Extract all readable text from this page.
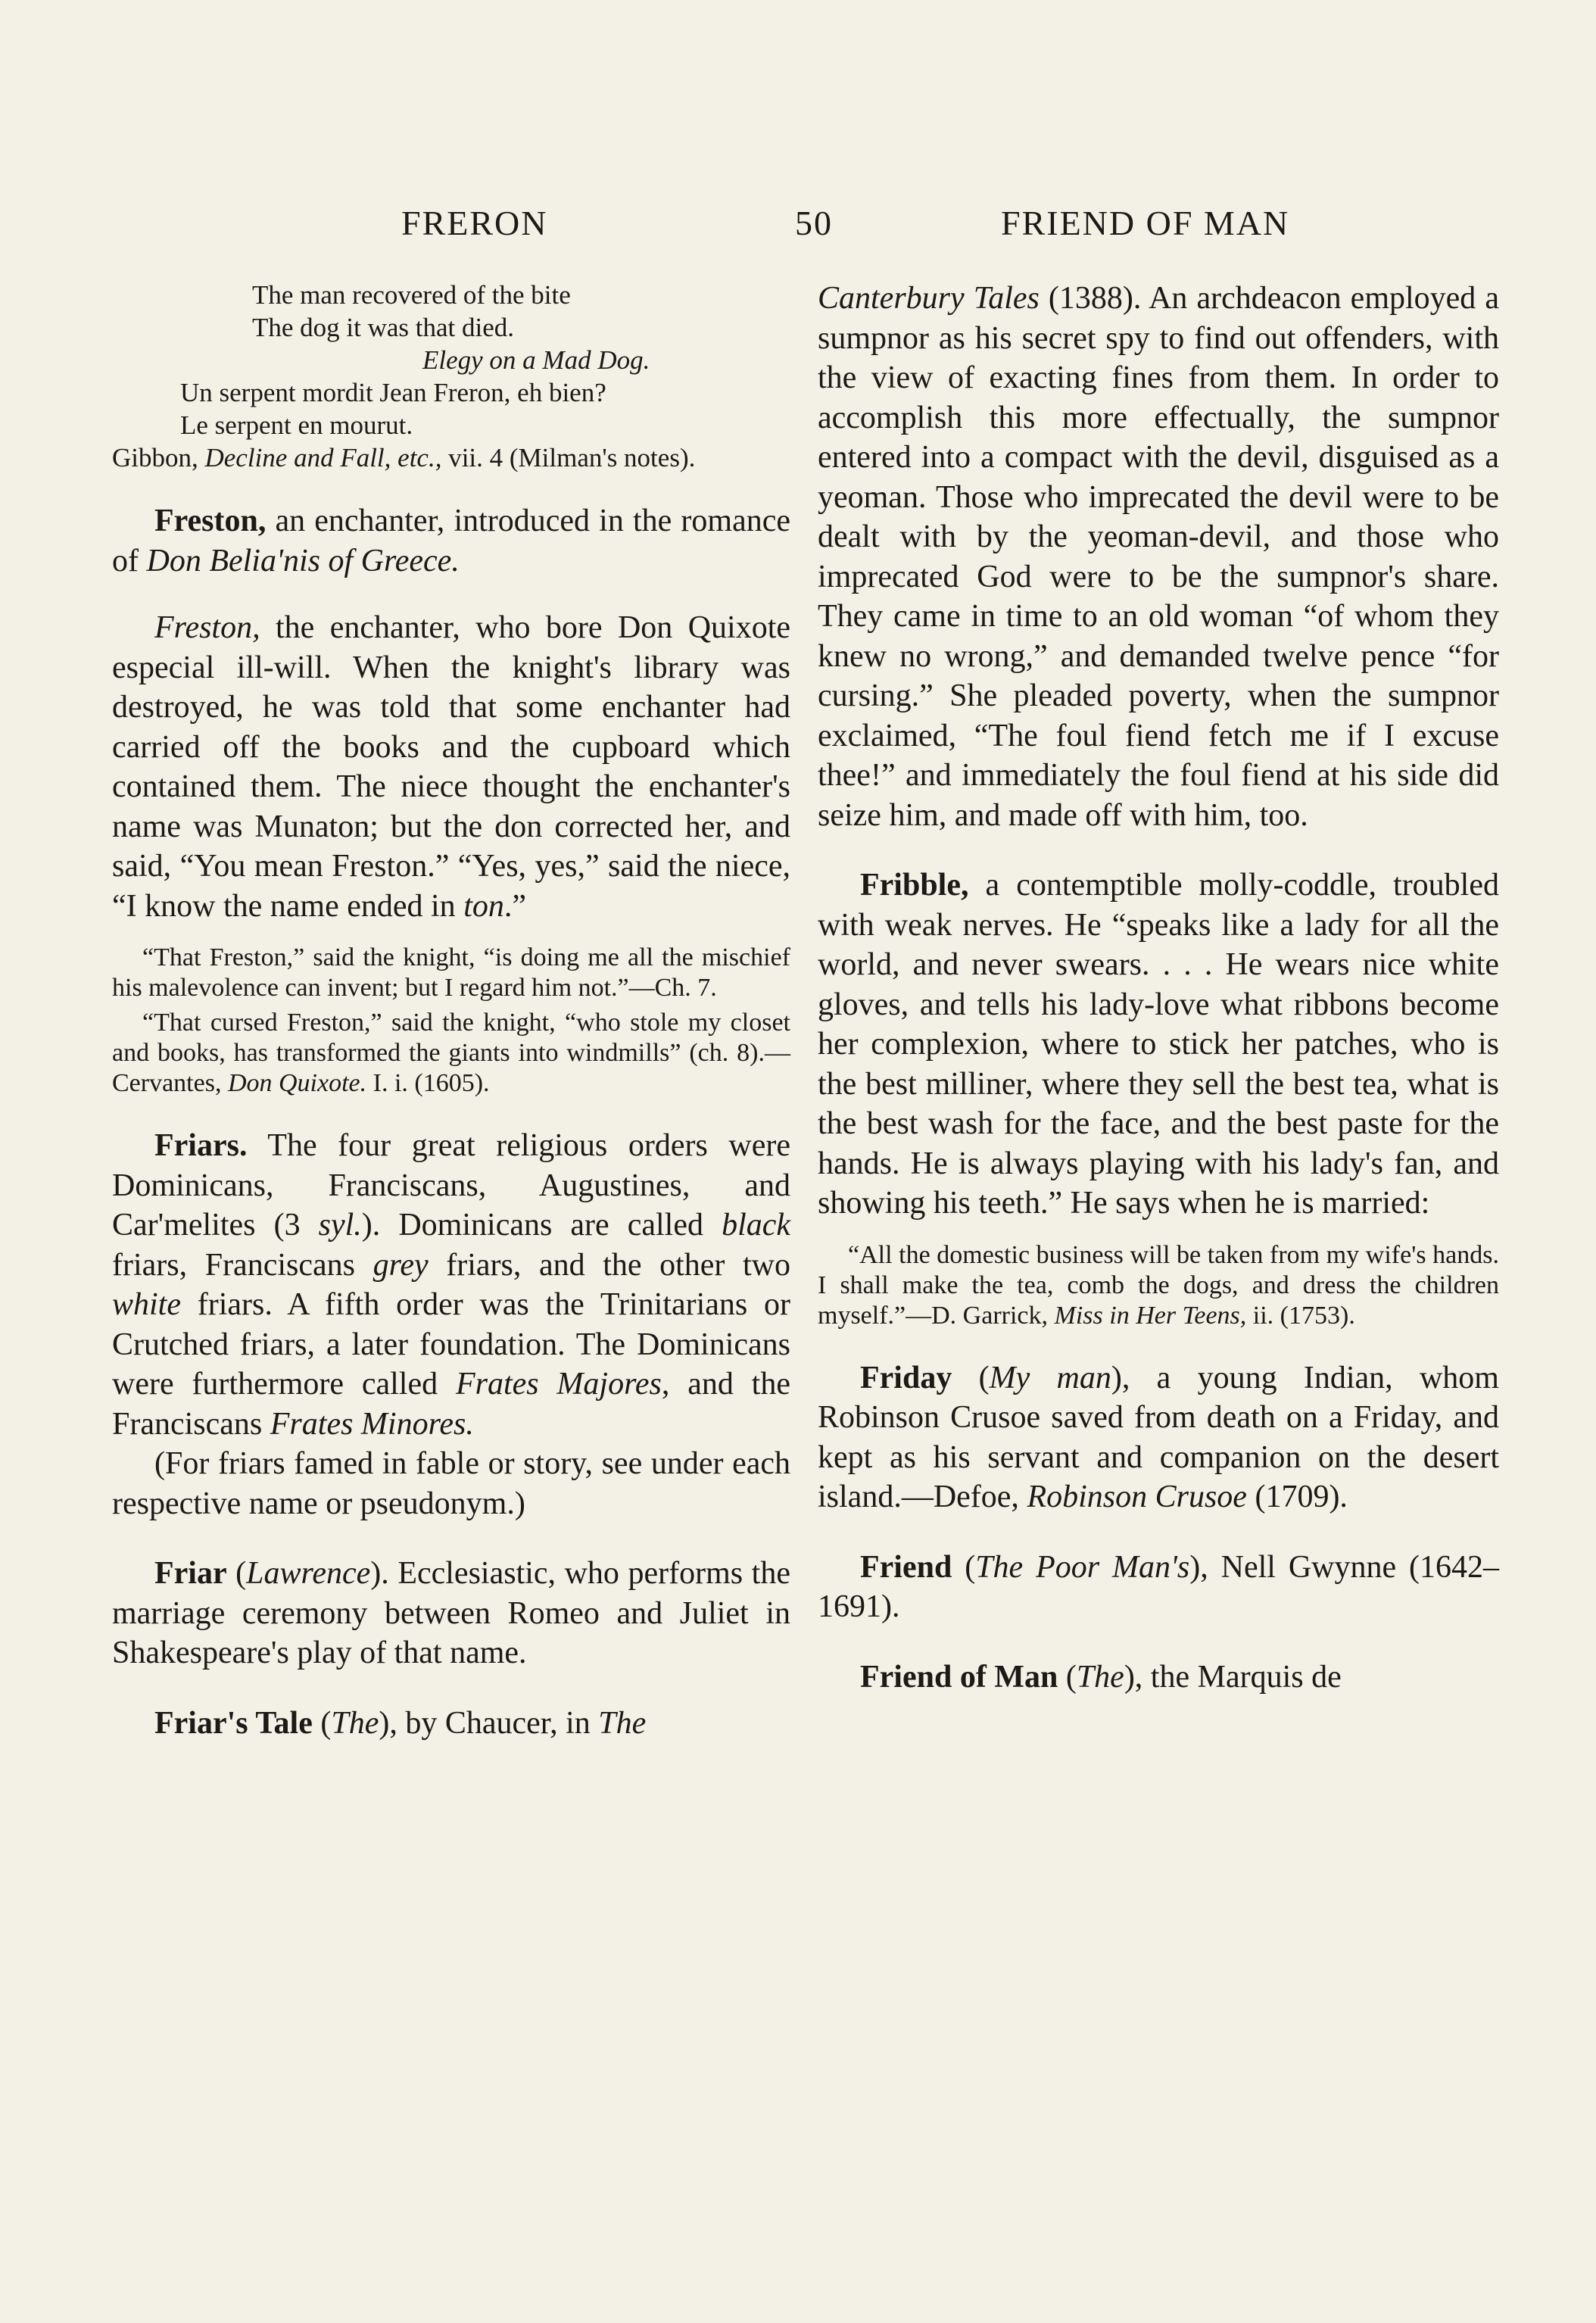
FRERON	50	FRIEND OF MAN
The man recovered of the bite
The dog it was that died.
Elegy on a Mad Dog.
Un serpent mordit Jean Freron, eh bien?
Le serpent en mourut.
Gibbon, Decline and Fall, etc., vii. 4 (Milman's notes).

Freston, an enchanter, introduced in the romance of Don Belia'nis of Greece.

Freston, the enchanter, who bore Don Quixote especial ill-will. When the knight's library was destroyed, he was told that some enchanter had carried off the books and the cupboard which contained them. The niece thought the enchanter's name was Munaton; but the don corrected her, and said, “You mean Freston.” “Yes, yes,” said the niece, “I know the name ended in ton.”

“That Freston,” said the knight, “is doing me all the mischief his malevolence can invent; but I regard him not.”—Ch. 7.

“That cursed Freston,” said the knight, “who stole my closet and books, has transformed the giants into windmills” (ch. 8).—Cervantes, Don Quixote. I. i. (1605).

Friars. The four great religious orders were Dominicans, Franciscans, Augustines, and Car'melites (3 syl.). Dominicans are called black friars, Franciscans grey friars, and the other two white friars. A fifth order was the Trinitarians or Crutched friars, a later foundation. The Dominicans were furthermore called Frates Majores, and the Franciscans Frates Minores.

(For friars famed in fable or story, see under each respective name or pseudonym.)

Friar (Lawrence). Ecclesiastic, who performs the marriage ceremony between Romeo and Juliet in Shakespeare's play of that name.

Friar's Tale (The), by Chaucer, in The

Canterbury Tales (1388). An archdeacon employed a sumpnor as his secret spy to find out offenders, with the view of exacting fines from them. In order to accomplish this more effectually, the sumpnor entered into a compact with the devil, disguised as a yeoman. Those who imprecated the devil were to be dealt with by the yeoman-devil, and those who imprecated God were to be the sumpnor's share. They came in time to an old woman “of whom they knew no wrong,” and demanded twelve pence “for cursing.” She pleaded poverty, when the sumpnor exclaimed, “The foul fiend fetch me if I excuse thee!” and immediately the foul fiend at his side did seize him, and made off with him, too.

Fribble, a contemptible molly-coddle, troubled with weak nerves. He “speaks like a lady for all the world, and never swears. . . . He wears nice white gloves, and tells his lady-love what ribbons become her complexion, where to stick her patches, who is the best milliner, where they sell the best tea, what is the best wash for the face, and the best paste for the hands. He is always playing with his lady's fan, and showing his teeth.” He says when he is married:

“All the domestic business will be taken from my wife's hands. I shall make the tea, comb the dogs, and dress the children myself.”—D. Garrick, Miss in Her Teens, ii. (1753).

Friday (My man), a young Indian, whom Robinson Crusoe saved from death on a Friday, and kept as his servant and companion on the desert island.—Defoe, Robinson Crusoe (1709).

Friend (The Poor Man's), Nell Gwynne (1642–1691).

Friend of Man (The), the Marquis de
